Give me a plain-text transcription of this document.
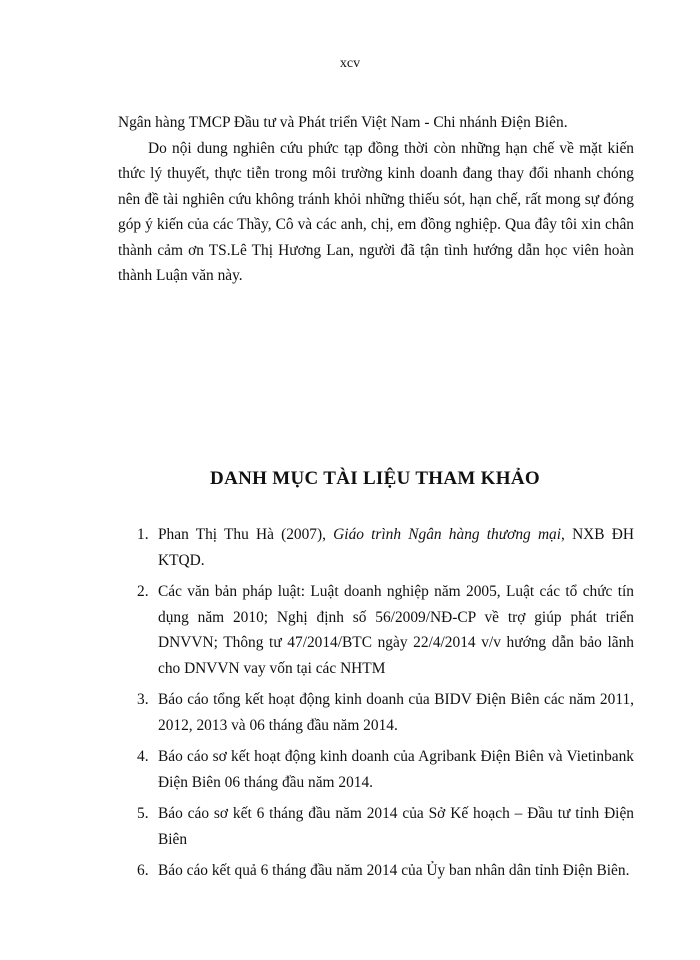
xcv

Ngân hàng TMCP Đầu tư và Phát triển Việt Nam - Chi nhánh Điện Biên.

Do nội dung nghiên cứu phức tạp đồng thời còn những hạn chế về mặt kiến thức lý thuyết, thực tiễn trong môi trường kinh doanh đang thay đổi nhanh chóng nên đề tài nghiên cứu không tránh khỏi những thiếu sót, hạn chế, rất mong sự đóng góp ý kiến của các Thầy, Cô và các anh, chị, em đồng nghiệp. Qua đây tôi xin chân thành cảm ơn TS.Lê Thị Hương Lan, người đã tận tình hướng dẫn học viên hoàn thành Luận văn này.

DANH MỤC TÀI LIỆU THAM KHẢO
1. Phan Thị Thu Hà (2007), Giáo trình Ngân hàng thương mại, NXB ĐH KTQD.
2. Các văn bản pháp luật: Luật doanh nghiệp năm 2005, Luật các tổ chức tín dụng năm 2010; Nghị định số 56/2009/NĐ-CP về trợ giúp phát triển DNVVN; Thông tư 47/2014/BTC ngày 22/4/2014 v/v hướng dẫn bảo lãnh cho DNVVN vay vốn tại các NHTM
3. Báo cáo tổng kết hoạt động kinh doanh của BIDV Điện Biên các năm 2011, 2012, 2013 và 06 tháng đầu năm 2014.
4. Báo cáo sơ kết hoạt động kinh doanh của Agribank Điện Biên và Vietinbank Điện Biên 06 tháng đầu năm 2014.
5. Báo cáo sơ kết 6 tháng đầu năm 2014 của Sở Kế hoạch – Đầu tư tỉnh Điện Biên
6. Báo cáo kết quả 6 tháng đầu năm 2014 của Ủy ban nhân dân tỉnh Điện Biên.
